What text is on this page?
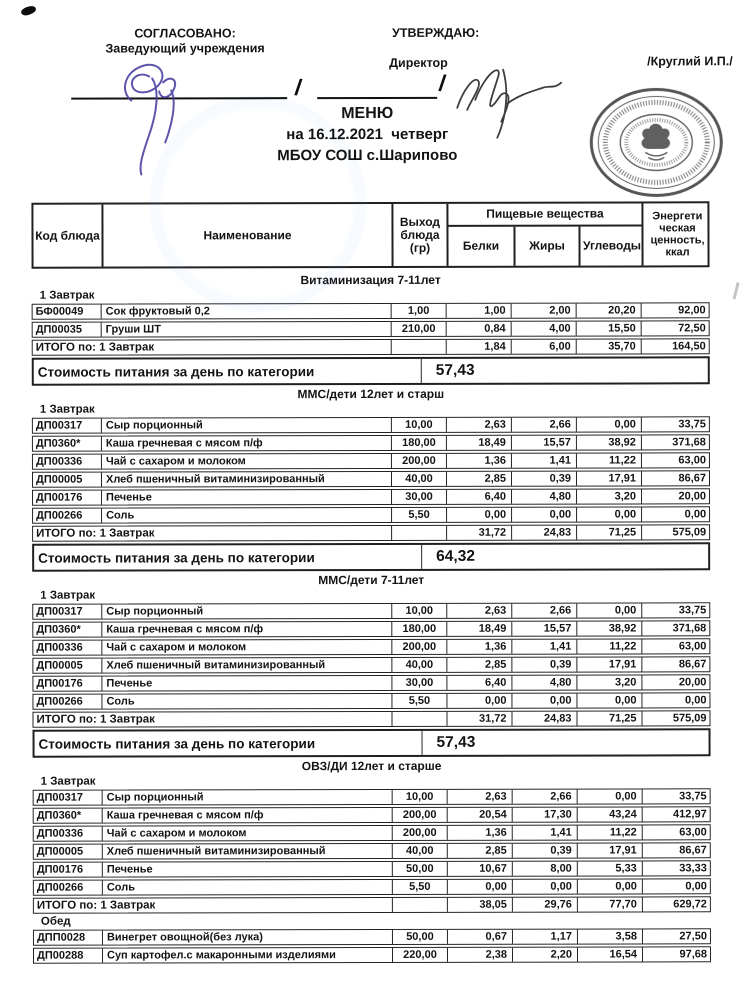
СОГЛАСОВАНО:
Заведующий учреждения
УТВЕРЖДАЮ:
Директор	/Круглий И.П./
/	/
МЕНЮ
на 16.12.2021  четверг
МБОУ СОШ с.Шарипово
Код блюда	Наименование
Выход блюда (гр)
Пищевые вещества
Белки	Жиры	Углеводы
Энергети ческая ценность, ккал
Витаминизация 7-11лет
1 Завтрак
БФ00049	Сок фруктовый 0,2	1,00	1,00	2,00	20,20	92,00
ДП00035	Груши ШТ	210,00	0,84	4,00	15,50	72,50
ИТОГО по: 1 Завтрак	1,84	6,00	35,70	164,50
Стоимость питания за день по категории	57,43
ММС/дети 12лет и старш
1 Завтрак
ДП00317	Сыр порционный	10,00	2,63	2,66	0,00	33,75
ДП0360*	Каша гречневая с мясом п/ф	180,00	18,49	15,57	38,92	371,68
ДП00336	Чай с сахаром и молоком	200,00	1,36	1,41	11,22	63,00
ДП00005	Хлеб пшеничный витаминизированный	40,00	2,85	0,39	17,91	86,67
ДП00176	Печенье	30,00	6,40	4,80	3,20	20,00
ДП00266	Соль	5,50	0,00	0,00	0,00	0,00
ИТОГО по: 1 Завтрак	31,72	24,83	71,25	575,09
Стоимость питания за день по категории	64,32
ММС/дети 7-11лет
1 Завтрак
ДП00317	Сыр порционный	10,00	2,63	2,66	0,00	33,75
ДП0360*	Каша гречневая с мясом п/ф	180,00	18,49	15,57	38,92	371,68
ДП00336	Чай с сахаром и молоком	200,00	1,36	1,41	11,22	63,00
ДП00005	Хлеб пшеничный витаминизированный	40,00	2,85	0,39	17,91	86,67
ДП00176	Печенье	30,00	6,40	4,80	3,20	20,00
ДП00266	Соль	5,50	0,00	0,00	0,00	0,00
ИТОГО по: 1 Завтрак	31,72	24,83	71,25	575,09
Стоимость питания за день по категории	57,43
ОВЗ/ДИ 12лет и старше
1 Завтрак
ДП00317	Сыр порционный	10,00	2,63	2,66	0,00	33,75
ДП0360*	Каша гречневая с мясом п/ф	200,00	20,54	17,30	43,24	412,97
ДП00336	Чай с сахаром и молоком	200,00	1,36	1,41	11,22	63,00
ДП00005	Хлеб пшеничный витаминизированный	40,00	2,85	0,39	17,91	86,67
ДП00176	Печенье	50,00	10,67	8,00	5,33	33,33
ДП00266	Соль	5,50	0,00	0,00	0,00	0,00
ИТОГО по: 1 Завтрак	38,05	29,76	77,70	629,72
Обед
ДПП0028	Винегрет овощной(без лука)	50,00	0,67	1,17	3,58	27,50
ДП00288	Суп картофел.с макаронными изделиями	220,00	2,38	2,20	16,54	97,68
